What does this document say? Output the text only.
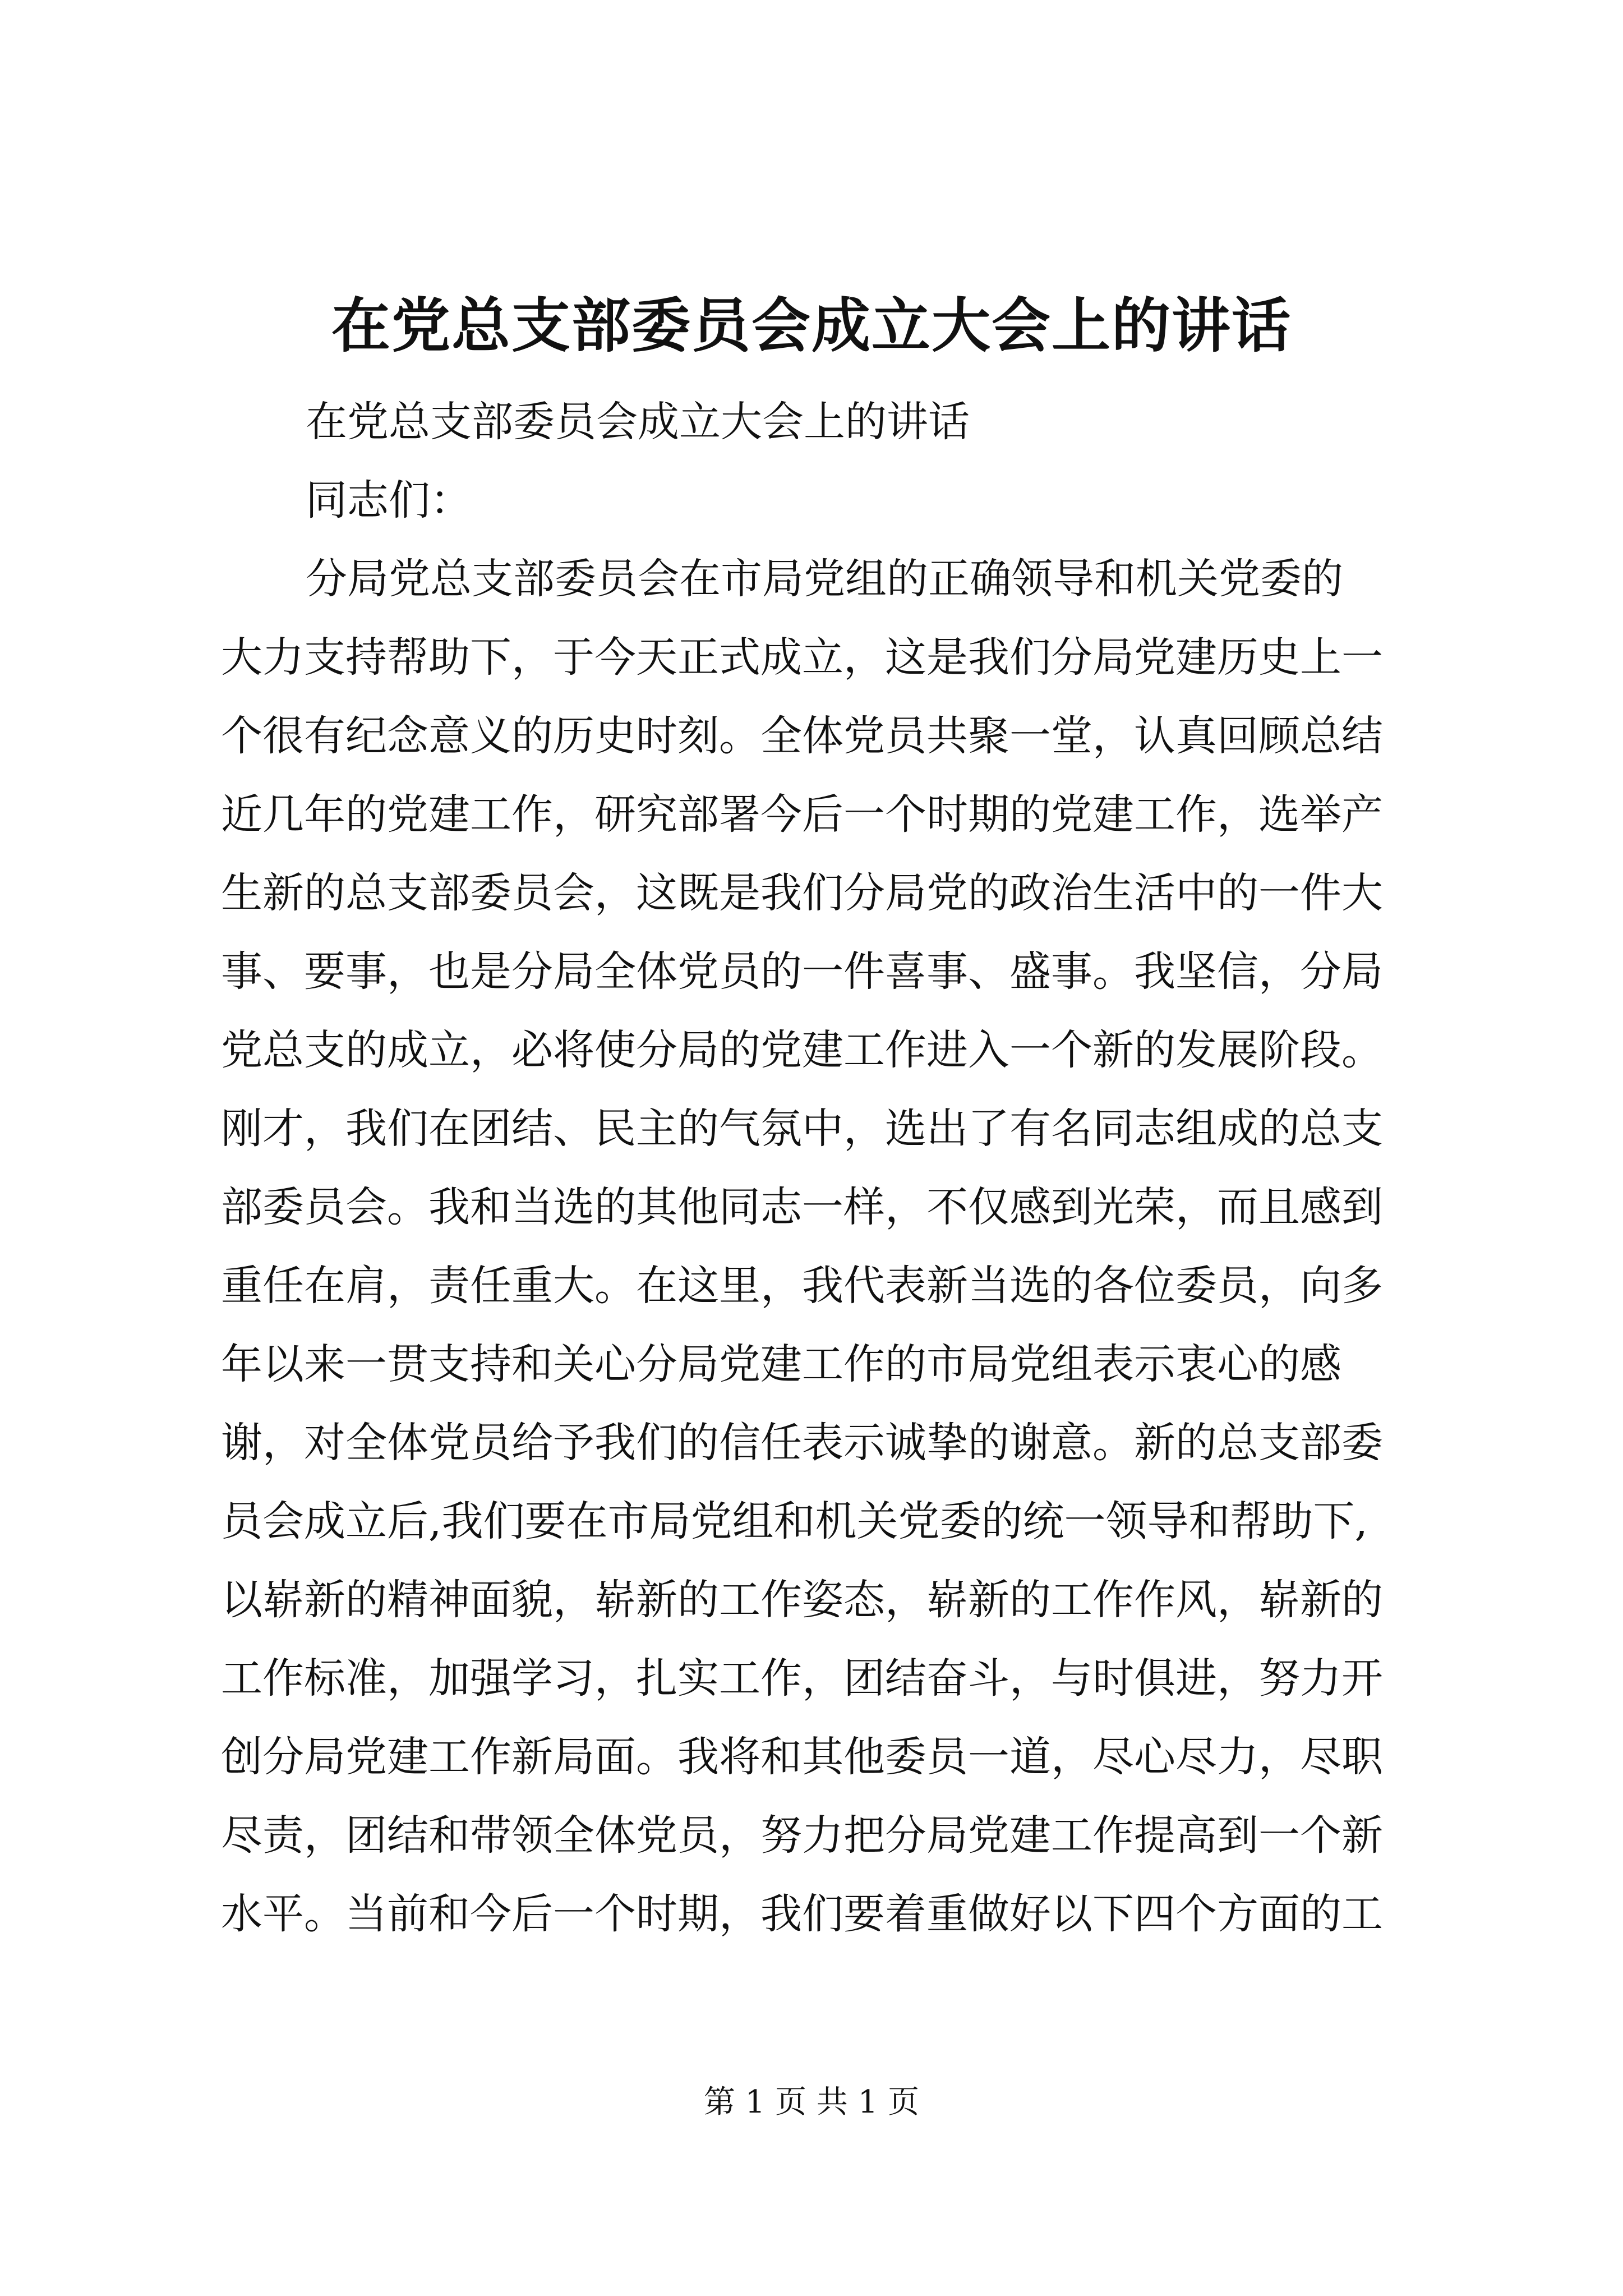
在党总支部委员会成立大会上的讲话
在党总支部委员会成立大会上的讲话
同志们：
分局党总支部委员会在市局党组的正确领导和机关党委的
大力支持帮助下，于今天正式成立，这是我们分局党建历史上一
个很有纪念意义的历史时刻。全体党员共聚一堂，认真回顾总结
近几年的党建工作，研究部署今后一个时期的党建工作，选举产
生新的总支部委员会，这既是我们分局党的政治生活中的一件大
事、要事，也是分局全体党员的一件喜事、盛事。我坚信，分局
党总支的成立，必将使分局的党建工作进入一个新的发展阶段。
刚才，我们在团结、民主的气氛中，选出了有名同志组成的总支
部委员会。我和当选的其他同志一样，不仅感到光荣，而且感到
重任在肩，责任重大。在这里，我代表新当选的各位委员，向多
年以来一贯支持和关心分局党建工作的市局党组表示衷心的感
谢，对全体党员给予我们的信任表示诚挚的谢意。新的总支部委
员会成立后,我们要在市局党组和机关党委的统一领导和帮助下,
以崭新的精神面貌，崭新的工作姿态，崭新的工作作风，崭新的
工作标准，加强学习，扎实工作，团结奋斗，与时俱进，努力开
创分局党建工作新局面。我将和其他委员一道，尽心尽力，尽职
尽责，团结和带领全体党员，努力把分局党建工作提高到一个新
水平。当前和今后一个时期，我们要着重做好以下四个方面的工
第 1 页 共 1 页
